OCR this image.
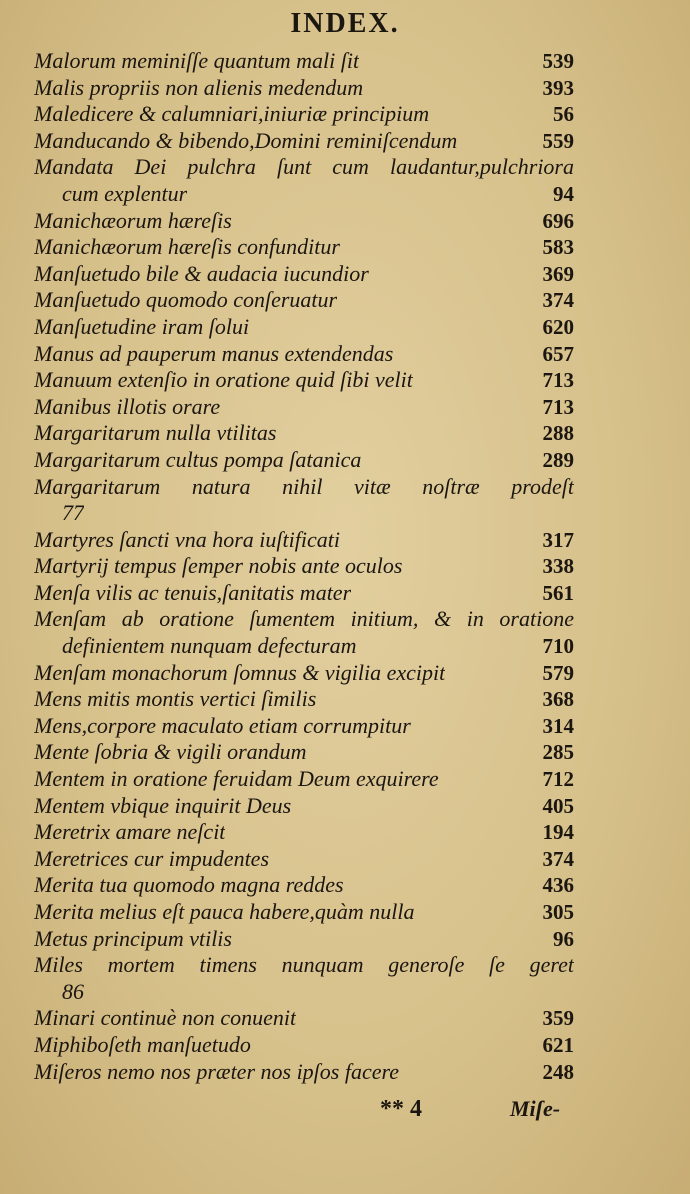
INDEX.
Malorum meminiſſe quantum mali ſit	539
Malis propriis non alienis medendum	393
Maledicere & calumniari,iniuriæ principium	56
Manducando & bibendo,Domini reminiſcendum	559
Mandata Dei pulchra ſunt cum laudantur,pulchriora
cum explentur	94
Manichæorum hæreſis	696
Manichæorum hæreſis confunditur	583
Manſuetudo bile & audacia iucundior	369
Manſuetudo quomodo conſeruatur	374
Manſuetudine iram ſolui	620
Manus ad pauperum manus extendendas	657
Manuum extenſio in oratione quid ſibi velit	713
Manibus illotis orare	713
Margaritarum nulla vtilitas	288
Margaritarum cultus pompa ſatanica	289
Margaritarum natura nihil vitæ noſtræ prodeſt
77
Martyres ſancti vna hora iuſtificati	317
Martyrij tempus ſemper nobis ante oculos	338
Menſa vilis ac tenuis,ſanitatis mater	561
Menſam ab oratione ſumentem initium, & in oratione
definientem nunquam defecturam	710
Menſam monachorum ſomnus & vigilia excipit	579
Mens mitis montis vertici ſimilis	368
Mens,corpore maculato etiam corrumpitur	314
Mente ſobria & vigili orandum	285
Mentem in oratione feruidam Deum exquirere	712
Mentem vbique inquirit Deus	405
Meretrix amare neſcit	194
Meretrices cur impudentes	374
Merita tua quomodo magna reddes	436
Merita melius eſt pauca habere,quàm nulla	305
Metus principum vtilis	96
Miles mortem timens nunquam generoſe ſe geret
86
Minari continuè non conuenit	359
Miphiboſeth manſuetudo	621
Miſeros nemo nos præter nos ipſos facere	248
** 4	Miſe-
